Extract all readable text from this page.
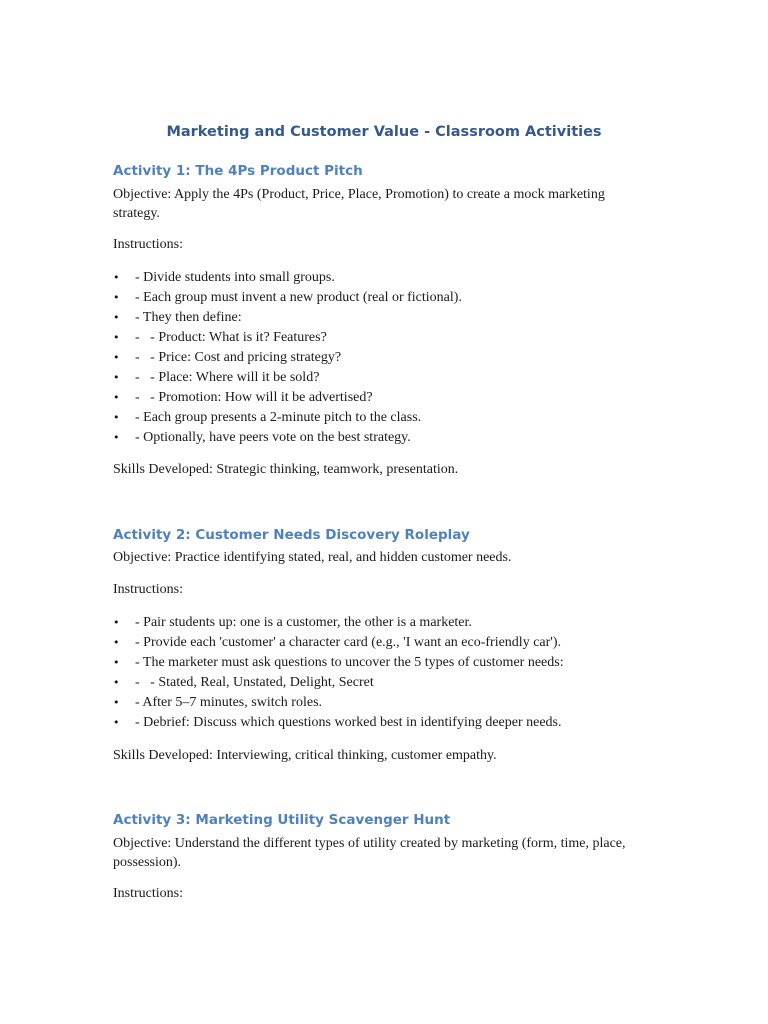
Marketing and Customer Value - Classroom Activities
Activity 1: The 4Ps Product Pitch
Objective: Apply the 4Ps (Product, Price, Place, Promotion) to create a mock marketing strategy.
Instructions:
• - Divide students into small groups.
• - Each group must invent a new product (real or fictional).
• - They then define:
• -   - Product: What is it? Features?
• -   - Price: Cost and pricing strategy?
• -   - Place: Where will it be sold?
• -   - Promotion: How will it be advertised?
• - Each group presents a 2-minute pitch to the class.
• - Optionally, have peers vote on the best strategy.
Skills Developed: Strategic thinking, teamwork, presentation.
Activity 2: Customer Needs Discovery Roleplay
Objective: Practice identifying stated, real, and hidden customer needs.
Instructions:
• - Pair students up: one is a customer, the other is a marketer.
• - Provide each 'customer' a character card (e.g., 'I want an eco-friendly car').
• - The marketer must ask questions to uncover the 5 types of customer needs:
• -   - Stated, Real, Unstated, Delight, Secret
• - After 5–7 minutes, switch roles.
• - Debrief: Discuss which questions worked best in identifying deeper needs.
Skills Developed: Interviewing, critical thinking, customer empathy.
Activity 3: Marketing Utility Scavenger Hunt
Objective: Understand the different types of utility created by marketing (form, time, place, possession).
Instructions:
